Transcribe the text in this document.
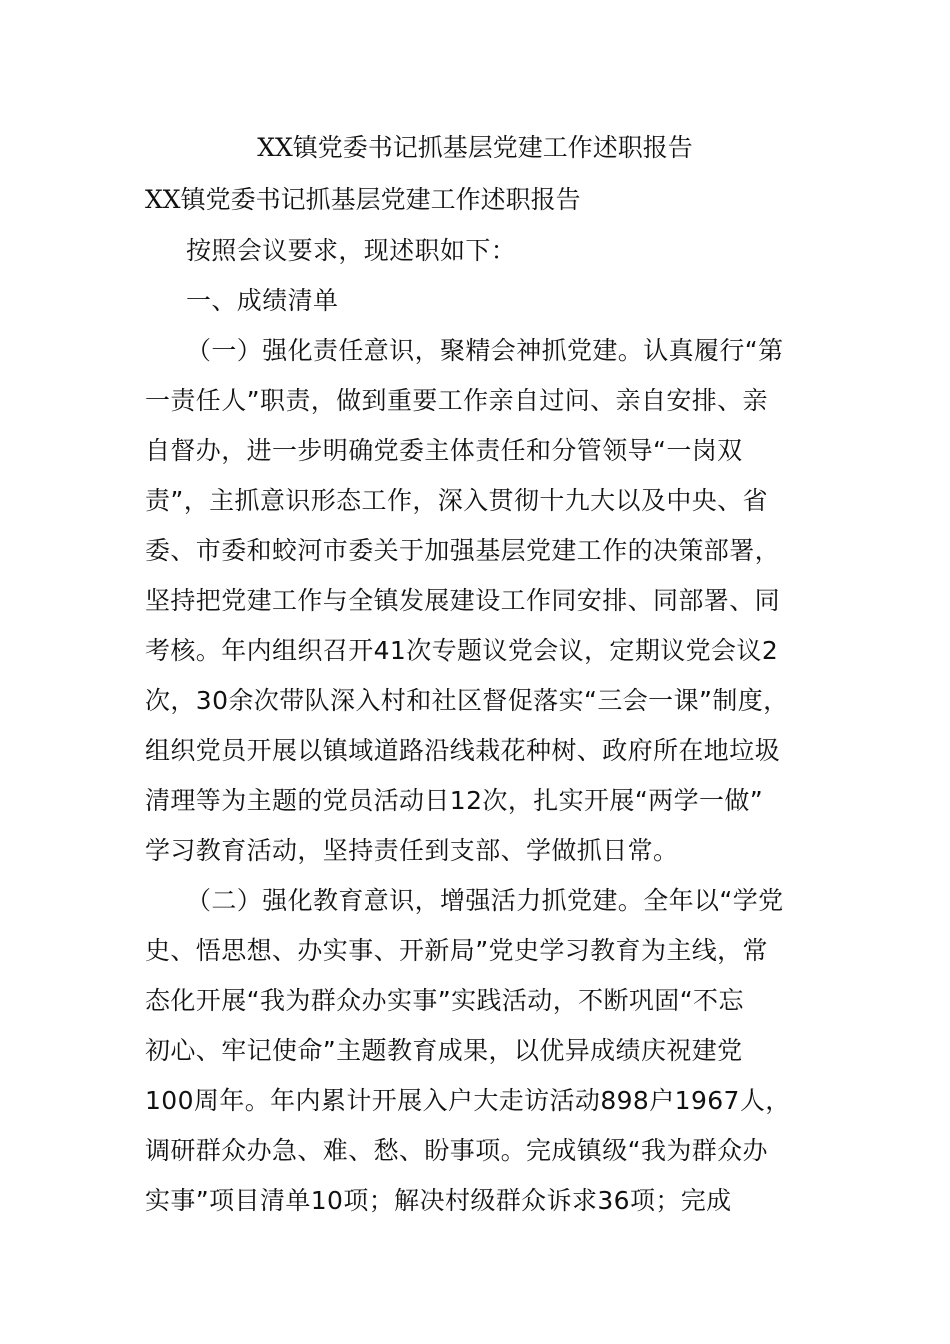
XX镇党委书记抓基层党建工作述职报告
XX镇党委书记抓基层党建工作述职报告
按照会议要求，现述职如下：
一、成绩清单
（一）强化责任意识，聚精会神抓党建。认真履行“第
一责任人”职责，做到重要工作亲自过问、亲自安排、亲
自督办，进一步明确党委主体责任和分管领导“一岗双
责”，主抓意识形态工作，深入贯彻十九大以及中央、省
委、市委和蛟河市委关于加强基层党建工作的决策部署，
坚持把党建工作与全镇发展建设工作同安排、同部署、同
考核。年内组织召开41次专题议党会议，定期议党会议2
次，30余次带队深入村和社区督促落实“三会一课”制度，
组织党员开展以镇域道路沿线栽花种树、政府所在地垃圾
清理等为主题的党员活动日12次，扎实开展“两学一做”
学习教育活动，坚持责任到支部、学做抓日常。
（二）强化教育意识，增强活力抓党建。全年以“学党
史、悟思想、办实事、开新局”党史学习教育为主线，常
态化开展“我为群众办实事”实践活动，不断巩固“不忘
初心、牢记使命”主题教育成果，以优异成绩庆祝建党
100周年。年内累计开展入户大走访活动898户1967人，
调研群众办急、难、愁、盼事项。完成镇级“我为群众办
实事”项目清单10项；解决村级群众诉求36项；完成
